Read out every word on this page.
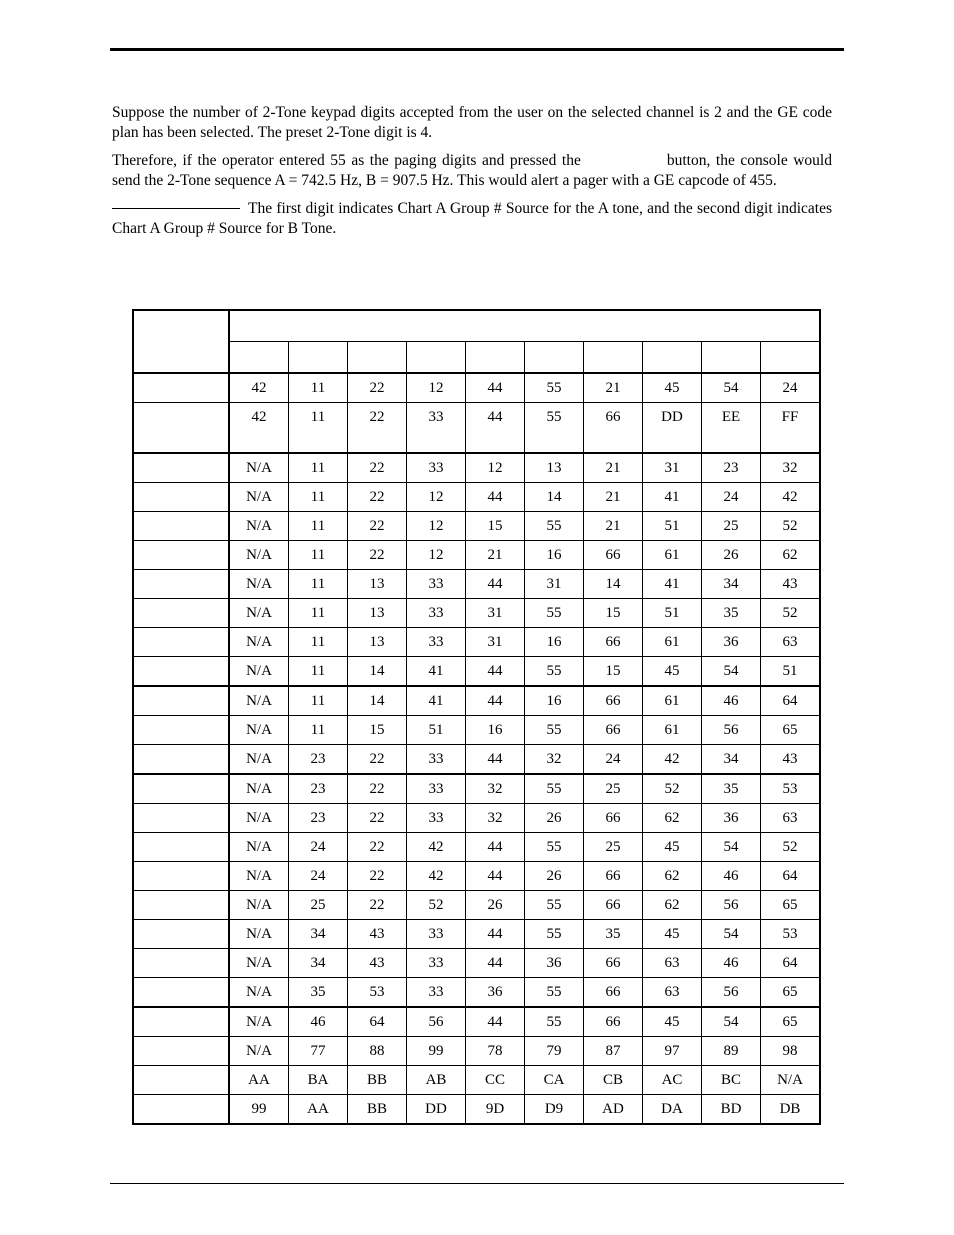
Suppose the number of 2-Tone keypad digits accepted from the user on the selected channel is 2 and the GE code plan has been selected. The preset 2-Tone digit is 4.

Therefore, if the operator entered 55 as the paging digits and pressed the	button, the console would send the 2-Tone sequence A = 742.5 Hz, B = 907.5 Hz. This would alert a pager with a GE capcode of 455.

The first digit indicates Chart A Group # Source for the A tone, and the second digit indicates Chart A Group # Source for B Tone.

	42	11	22	12	44	55	21	45	54	24
	42	11	22	33	44	55	66	DD	EE	FF
	N/A	11	22	33	12	13	21	31	23	32
	N/A	11	22	12	44	14	21	41	24	42
	N/A	11	22	12	15	55	21	51	25	52
	N/A	11	22	12	21	16	66	61	26	62
	N/A	11	13	33	44	31	14	41	34	43
	N/A	11	13	33	31	55	15	51	35	52
	N/A	11	13	33	31	16	66	61	36	63
	N/A	11	14	41	44	55	15	45	54	51
	N/A	11	14	41	44	16	66	61	46	64
	N/A	11	15	51	16	55	66	61	56	65
	N/A	23	22	33	44	32	24	42	34	43
	N/A	23	22	33	32	55	25	52	35	53
	N/A	23	22	33	32	26	66	62	36	63
	N/A	24	22	42	44	55	25	45	54	52
	N/A	24	22	42	44	26	66	62	46	64
	N/A	25	22	52	26	55	66	62	56	65
	N/A	34	43	33	44	55	35	45	54	53
	N/A	34	43	33	44	36	66	63	46	64
	N/A	35	53	33	36	55	66	63	56	65
	N/A	46	64	56	44	55	66	45	54	65
	N/A	77	88	99	78	79	87	97	89	98
	AA	BA	BB	AB	CC	CA	CB	AC	BC	N/A
	99	AA	BB	DD	9D	D9	AD	DA	BD	DB
